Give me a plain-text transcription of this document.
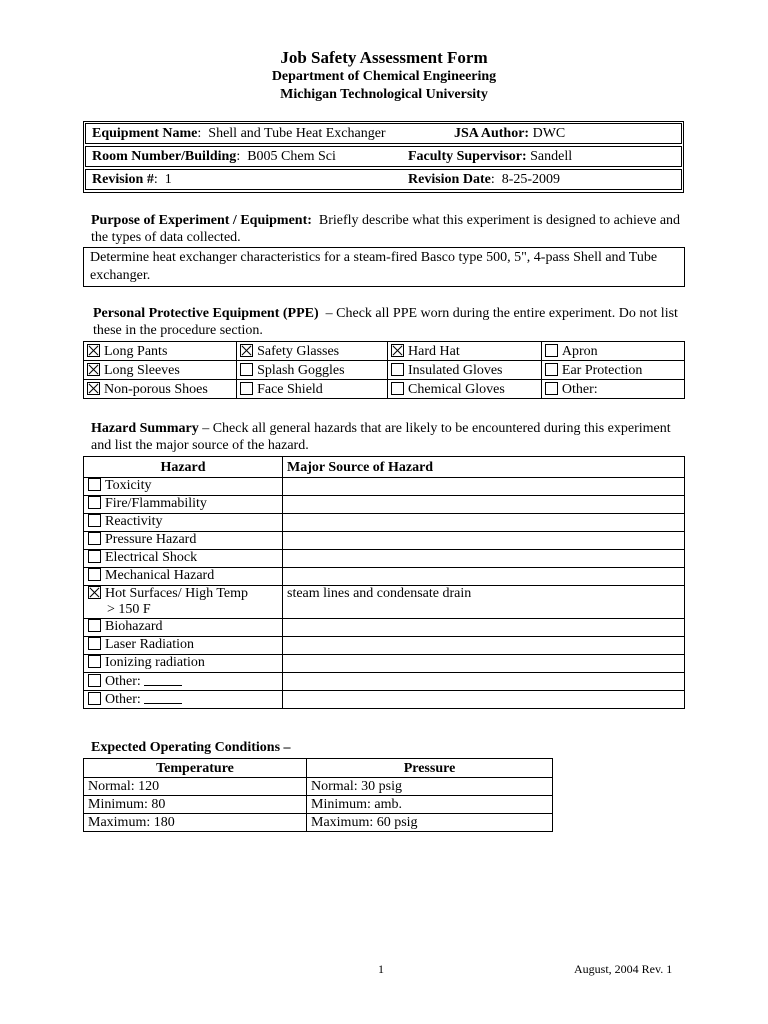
Job Safety Assessment Form
Department of Chemical Engineering
Michigan Technological University
Equipment Name:  Shell and Tube Heat Exchanger	JSA Author: DWC
Room Number/Building:  B005 Chem Sci	Faculty Supervisor: Sandell
Revision #:  1	Revision Date:  8-25-2009
Purpose of Experiment / Equipment: Briefly describe what this experiment is designed to achieve and the types of data collected.
Determine heat exchanger characteristics for a steam-fired Basco type 500, 5", 4-pass Shell and Tube exchanger.
Personal Protective Equipment (PPE) – Check all PPE worn during the entire experiment. Do not list these in the procedure section.
Long Pants	Safety Glasses	Hard Hat	Apron
Long Sleeves	Splash Goggles	Insulated Gloves	Ear Protection
Non-porous Shoes	Face Shield	Chemical Gloves	Other:
Hazard Summary – Check all general hazards that are likely to be encountered during this experiment and list the major source of the hazard.
Hazard	Major Source of Hazard
Toxicity	
Fire/Flammability	
Reactivity	
Pressure Hazard	
Electrical Shock	
Mechanical Hazard	
Hot Surfaces/ High Temp
> 150 F	steam lines and condensate drain
Biohazard	
Laser Radiation	
Ionizing radiation	
Other:	
Other:	
Expected Operating Conditions –
Temperature	Pressure
Normal: 120	Normal: 30 psig
Minimum: 80	Minimum: amb.
Maximum: 180	Maximum: 60 psig
1	August, 2004 Rev. 1
